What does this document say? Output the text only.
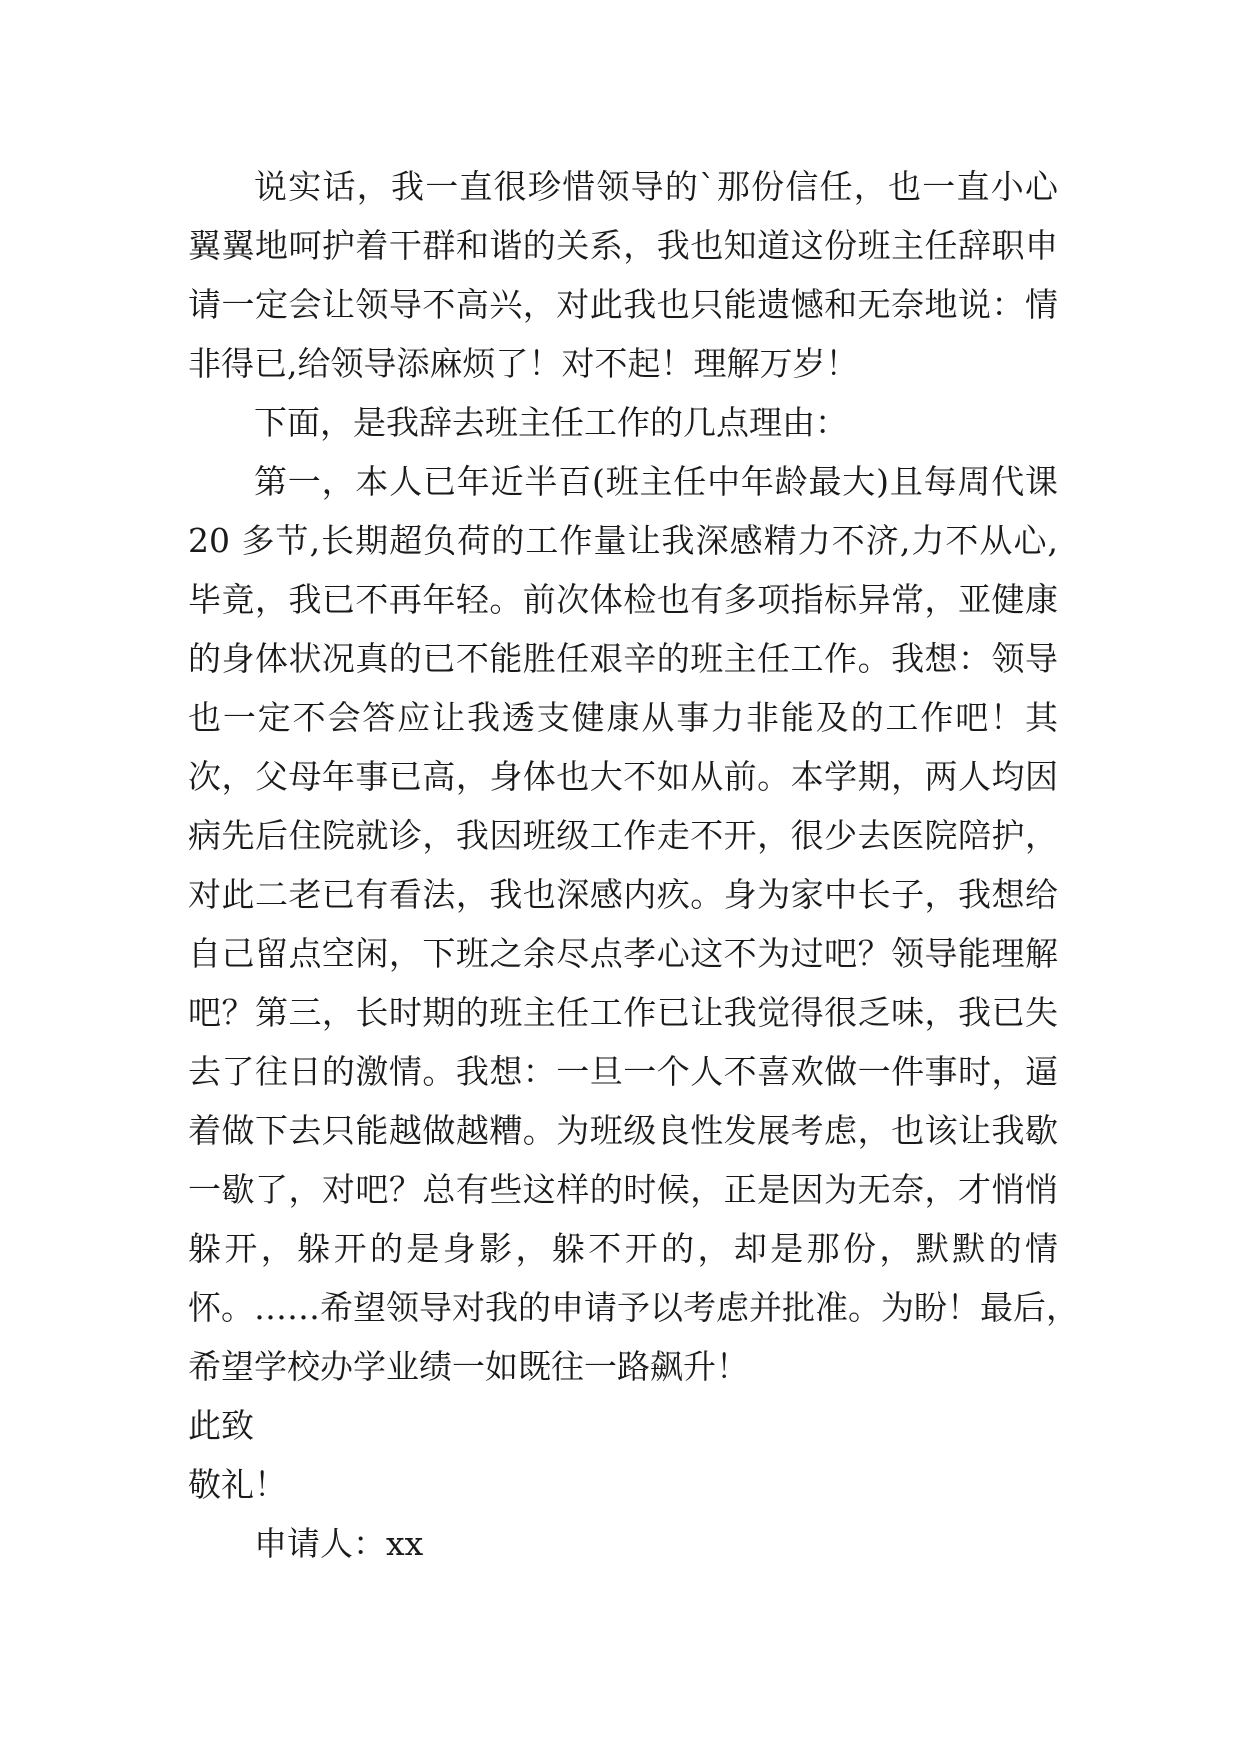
说实话，我一直很珍惜领导的`那份信任，也一直小心
翼翼地呵护着干群和谐的关系，我也知道这份班主任辞职申
请一定会让领导不高兴，对此我也只能遗憾和无奈地说：情
非得已,给领导添麻烦了！对不起！理解万岁！
下面，是我辞去班主任工作的几点理由：
第一，本人已年近半百(班主任中年龄最大)且每周代课
20 多节,长期超负荷的工作量让我深感精力不济,力不从心,
毕竟，我已不再年轻。前次体检也有多项指标异常，亚健康
的身体状况真的已不能胜任艰辛的班主任工作。我想：领导
也一定不会答应让我透支健康从事力非能及的工作吧！其
次，父母年事已高，身体也大不如从前。本学期，两人均因
病先后住院就诊，我因班级工作走不开，很少去医院陪护，
对此二老已有看法，我也深感内疚。身为家中长子，我想给
自己留点空闲，下班之余尽点孝心这不为过吧？领导能理解
吧？第三，长时期的班主任工作已让我觉得很乏味，我已失
去了往日的激情。我想：一旦一个人不喜欢做一件事时，逼
着做下去只能越做越糟。为班级良性发展考虑，也该让我歇
一歇了，对吧？总有些这样的时候，正是因为无奈，才悄悄
躲开，躲开的是身影，躲不开的，却是那份，默默的情
怀。……希望领导对我的申请予以考虑并批准。为盼！最后，
希望学校办学业绩一如既往一路飙升！
此致
敬礼！
申请人：xx
